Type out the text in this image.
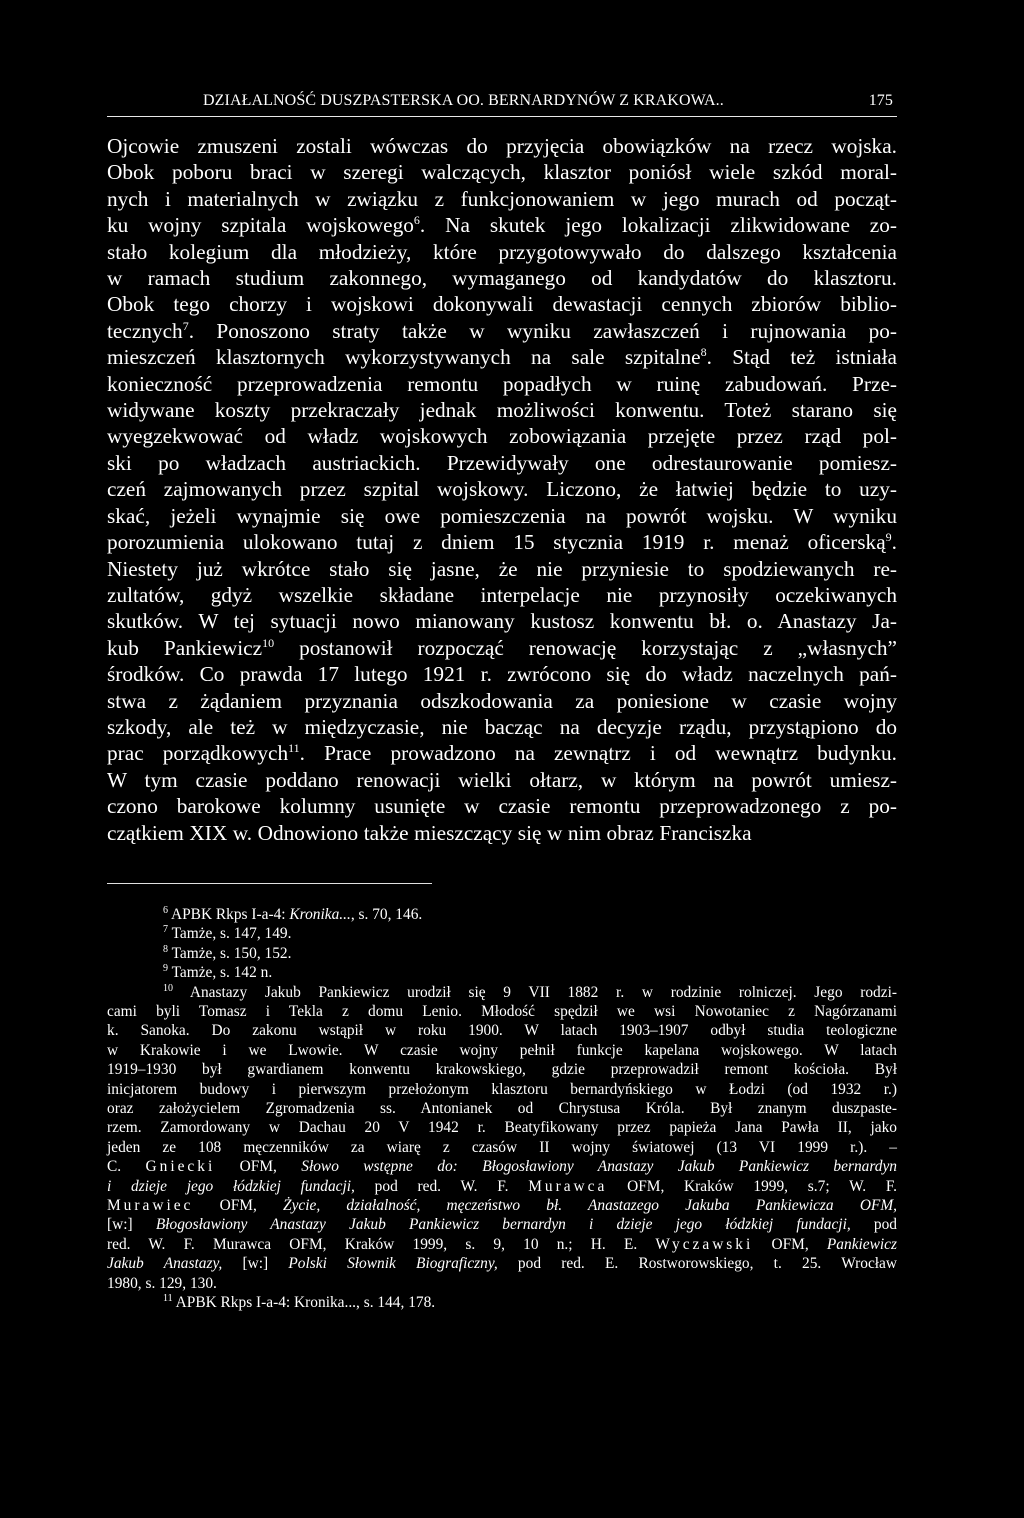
DZIAŁALNOŚĆ DUSZPASTERSKA OO. BERNARDYNÓW Z KRAKOWA..	175
Ojcowie zmuszeni zostali wówczas do przyjęcia obowiązków na rzecz wojska.
Obok poboru braci w szeregi walczących, klasztor poniósł wiele szkód moral-
nych i materialnych w związku z funkcjonowaniem w jego murach od począt-
ku wojny szpitala wojskowego$^6$. Na skutek jego lokalizacji zlikwidowane zo-
stało kolegium dla młodzieży, które przygotowywało do dalszego kształcenia
w ramach studium zakonnego, wymaganego od kandydatów do klasztoru.
Obok tego chorzy i wojskowi dokonywali dewastacji cennych zbiorów biblio-
tecznych$^7$. Ponoszono straty także w wyniku zawłaszczeń i rujnowania po-
mieszczeń klasztornych wykorzystywanych na sale szpitalne$^8$. Stąd też istniała
konieczność przeprowadzenia remontu popadłych w ruinę zabudowań. Prze-
widywane koszty przekraczały jednak możliwości konwentu. Toteż starano się
wyegzekwować od władz wojskowych zobowiązania przejęte przez rząd pol-
ski po władzach austriackich. Przewidywały one odrestaurowanie pomiesz-
czeń zajmowanych przez szpital wojskowy. Liczono, że łatwiej będzie to uzy-
skać, jeżeli wynajmie się owe pomieszczenia na powrót wojsku. W wyniku
porozumienia ulokowano tutaj z dniem 15 stycznia 1919 r. menaż oficerską$^9$.
Niestety już wkrótce stało się jasne, że nie przyniesie to spodziewanych re-
zultatów, gdyż wszelkie składane interpelacje nie przynosiły oczekiwanych
skutków. W tej sytuacji nowo mianowany kustosz konwentu bł. o. Anastazy Ja-
kub Pankiewicz$^{10}$ postanowił rozpocząć renowację korzystając z „własnych”
środków. Co prawda 17 lutego 1921 r. zwrócono się do władz naczelnych pań-
stwa z żądaniem przyznania odszkodowania za poniesione w czasie wojny
szkody, ale też w międzyczasie, nie bacząc na decyzje rządu, przystąpiono do
prac porządkowych$^{11}$. Prace prowadzono na zewnątrz i od wewnątrz budynku.
W tym czasie poddano renowacji wielki ołtarz, w którym na powrót umiesz-
czono barokowe kolumny usunięte w czasie remontu przeprowadzonego z po-
czątkiem XIX w. Odnowiono także mieszczący się w nim obraz Franciszka

$^6$ APBK Rkps I-a-4: Kronika..., s. 70, 146.

$^7$ Tamże, s. 147, 149.

$^8$ Tamże, s. 150, 152.

$^9$ Tamże, s. 142 n.

$^{10}$ Anastazy Jakub Pankiewicz urodził się 9 VII 1882 r. w rodzinie rolniczej. Jego rodzi-
cami byli Tomasz i Tekla z domu Lenio. Młodość spędził we wsi Nowotaniec z Nagórzanami
k. Sanoka. Do zakonu wstąpił w roku 1900. W latach 1903–1907 odbył studia teologiczne
w Krakowie i we Lwowie. W czasie wojny pełnił funkcje kapelana wojskowego. W latach
1919–1930 był gwardianem konwentu krakowskiego, gdzie przeprowadził remont kościoła. Był
inicjatorem budowy i pierwszym przełożonym klasztoru bernardyńskiego w Łodzi (od 1932 r.)
oraz założycielem Zgromadzenia ss. Antonianek od Chrystusa Króla. Był znanym duszpaste-
rzem. Zamordowany w Dachau 20 V 1942 r. Beatyfikowany przez papieża Jana Pawła II, jako
jeden ze 108 męczenników za wiarę z czasów II wojny światowej (13 VI 1999 r.). –
C. Gniecki OFM, Słowo wstępne do: Błogosławiony Anastazy Jakub Pankiewicz bernardyn
i dzieje jego łódzkiej fundacji, pod red. W. F. Murawca OFM, Kraków 1999, s.7; W. F.
Murawiec OFM, Życie, działalność, męczeństwo bł. Anastazego Jakuba Pankiewicza OFM,
[w:] Błogosławiony Anastazy Jakub Pankiewicz bernardyn i dzieje jego łódzkiej fundacji, pod
red. W. F. Murawca OFM, Kraków 1999, s. 9, 10 n.; H. E. Wyczawski OFM, Pankiewicz
Jakub Anastazy, [w:] Polski Słownik Biograficzny, pod red. E. Rostworowskiego, t. 25. Wrocław
1980, s. 129, 130.

$^{11}$ APBK Rkps I-a-4: Kronika..., s. 144, 178.
